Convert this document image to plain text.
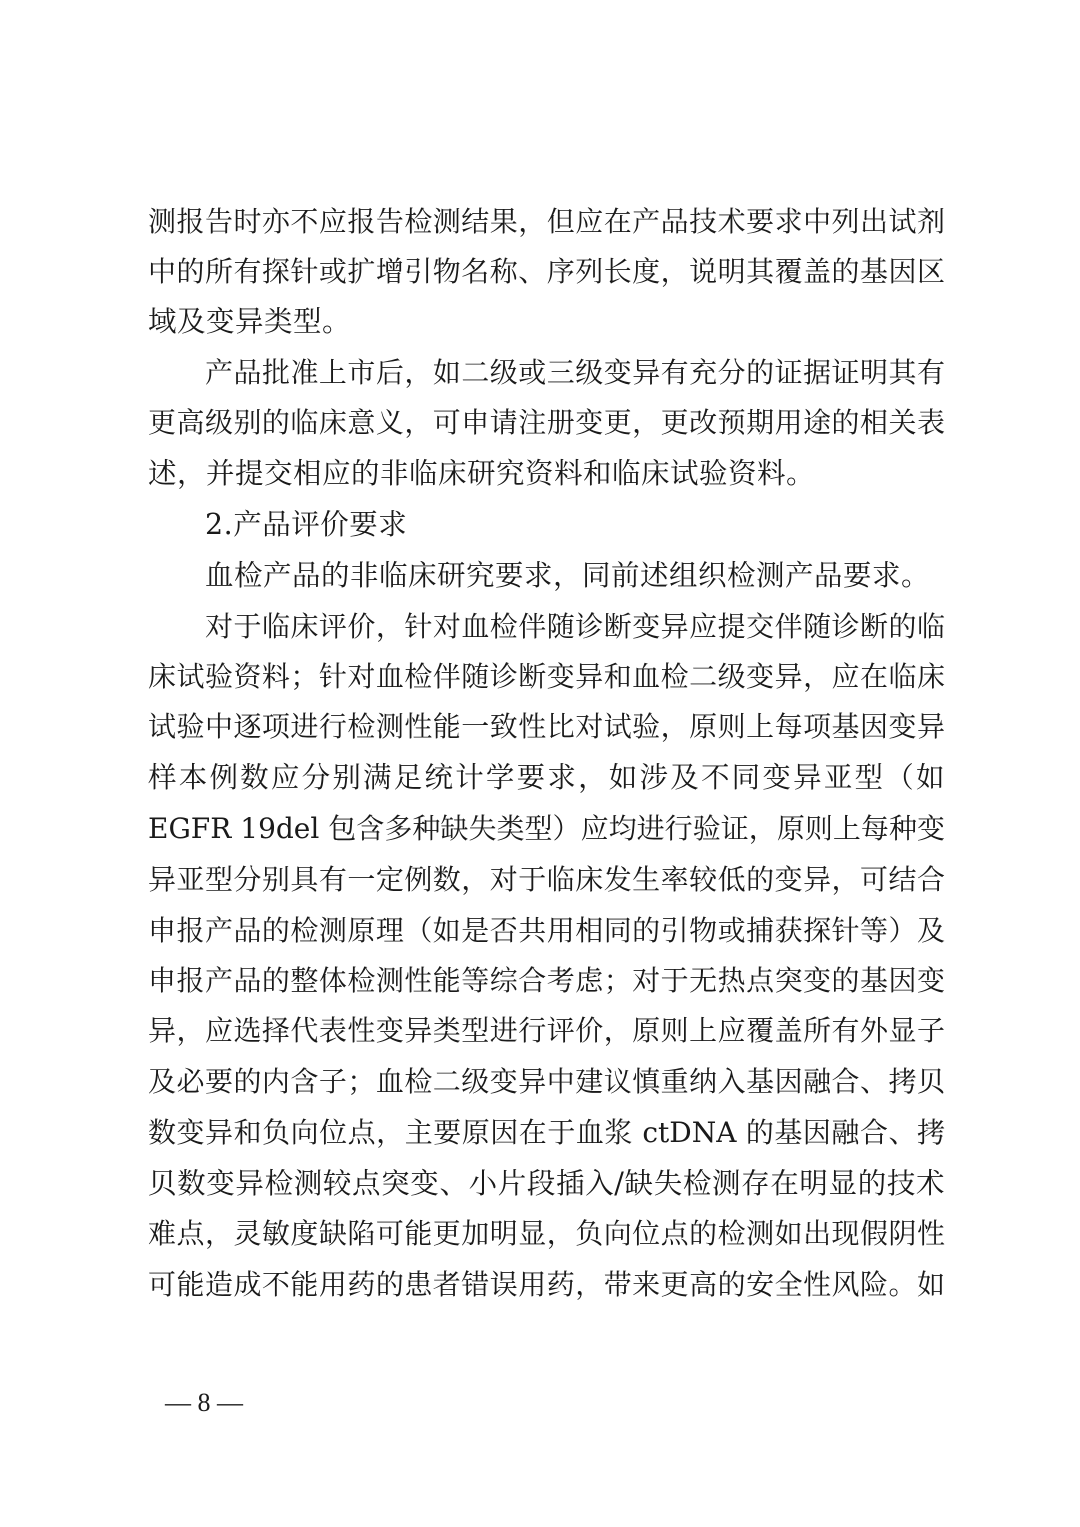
测报告时亦不应报告检测结果，但应在产品技术要求中列出试剂
中的所有探针或扩增引物名称、序列长度，说明其覆盖的基因区
域及变异类型。
产品批准上市后，如二级或三级变异有充分的证据证明其有
更高级别的临床意义，可申请注册变更，更改预期用途的相关表
述，并提交相应的非临床研究资料和临床试验资料。
2.产品评价要求
血检产品的非临床研究要求，同前述组织检测产品要求。
对于临床评价，针对血检伴随诊断变异应提交伴随诊断的临
床试验资料；针对血检伴随诊断变异和血检二级变异，应在临床
试验中逐项进行检测性能一致性比对试验，原则上每项基因变异
样本例数应分别满足统计学要求，如涉及不同变异亚型（如
EGFR 19del 包含多种缺失类型）应均进行验证，原则上每种变
异亚型分别具有一定例数，对于临床发生率较低的变异，可结合
申报产品的检测原理（如是否共用相同的引物或捕获探针等）及
申报产品的整体检测性能等综合考虑；对于无热点突变的基因变
异，应选择代表性变异类型进行评价，原则上应覆盖所有外显子
及必要的内含子；血检二级变异中建议慎重纳入基因融合、拷贝
数变异和负向位点，主要原因在于血浆 ctDNA 的基因融合、拷
贝数变异检测较点突变、小片段插入/缺失检测存在明显的技术
难点，灵敏度缺陷可能更加明显，负向位点的检测如出现假阴性
可能造成不能用药的患者错误用药，带来更高的安全性风险。如
— 8 —
